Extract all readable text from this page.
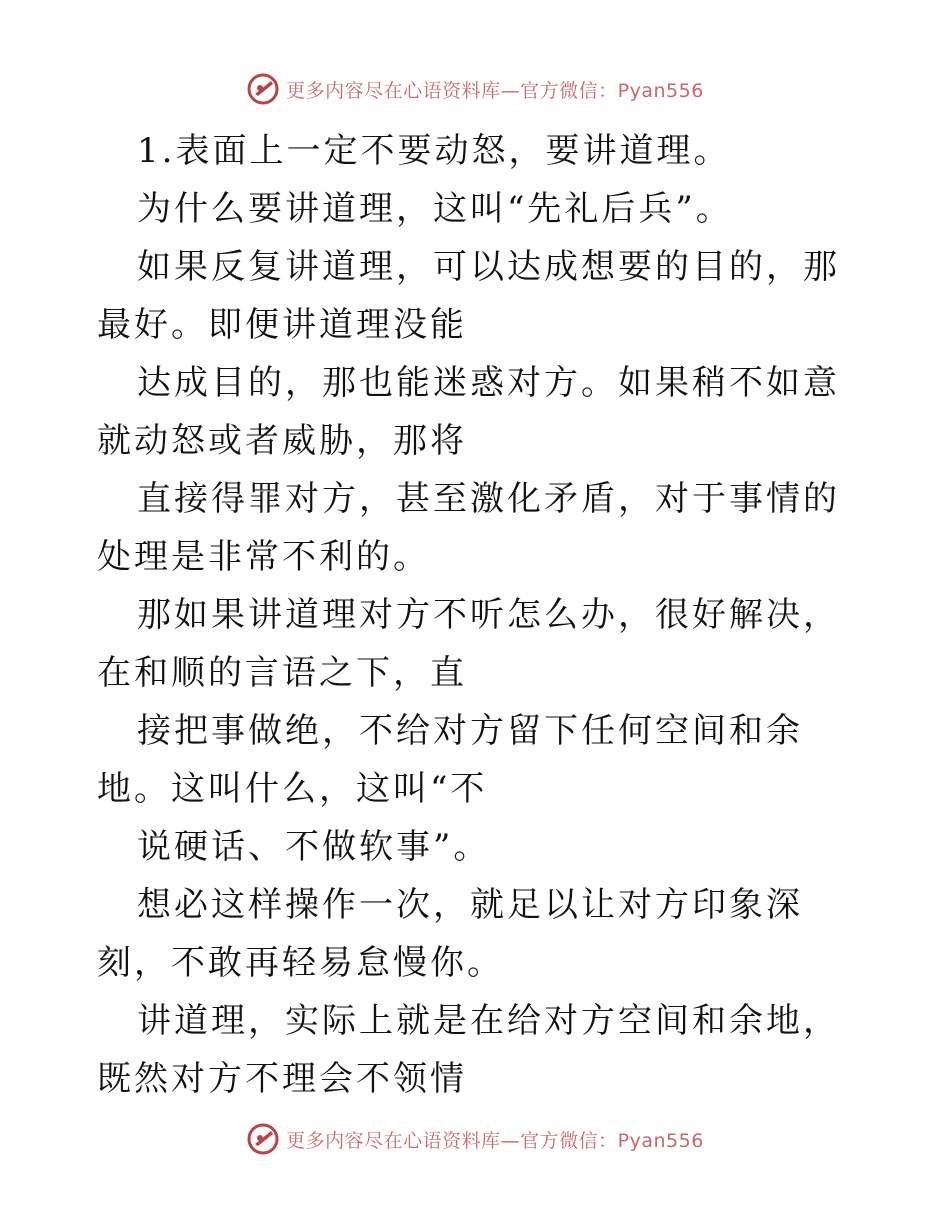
更多内容尽在心语资料库—官方微信：Pyan556

1.表面上一定不要动怒，要讲道理。

为什么要讲道理，这叫“先礼后兵”。

如果反复讲道理，可以达成想要的目的，那最好。即便讲道理没能

达成目的，那也能迷惑对方。如果稍不如意就动怒或者威胁，那将

直接得罪对方，甚至激化矛盾，对于事情的处理是非常不利的。

那如果讲道理对方不听怎么办，很好解决，在和顺的言语之下，直

接把事做绝，不给对方留下任何空间和余地。这叫什么，这叫“不

说硬话、不做软事”。

想必这样操作一次，就足以让对方印象深刻，不敢再轻易怠慢你。

讲道理，实际上就是在给对方空间和余地，既然对方不理会不领情

更多内容尽在心语资料库—官方微信：Pyan556
